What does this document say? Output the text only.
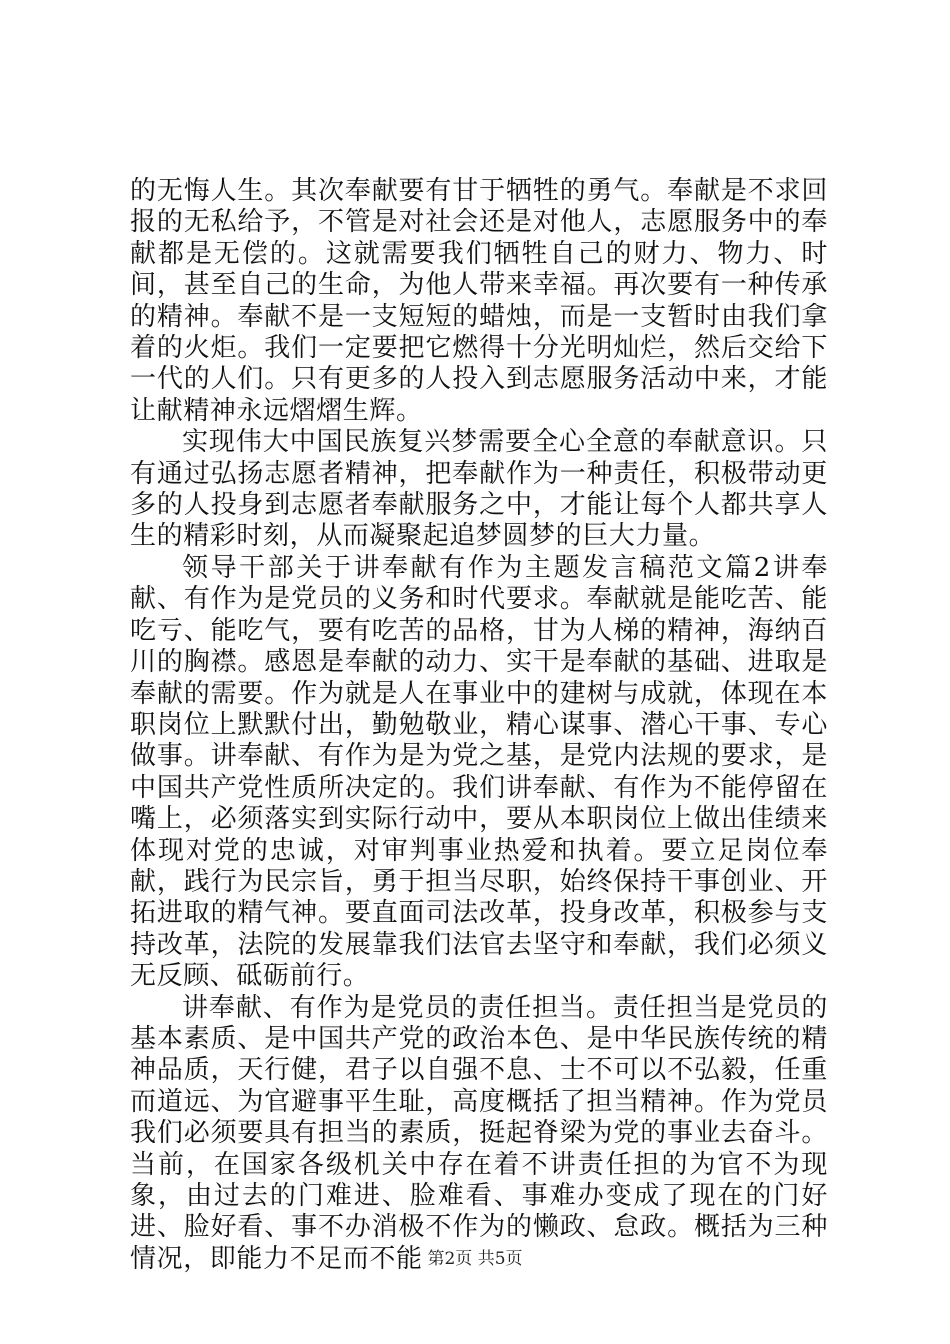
的无悔人生。其次奉献要有甘于牺牲的勇气。奉献是不求回报的无私给予，不管是对社会还是对他人，志愿服务中的奉献都是无偿的。这就需要我们牺牲自己的财力、物力、时间，甚至自己的生命，为他人带来幸福。再次要有一种传承的精神。奉献不是一支短短的蜡烛，而是一支暂时由我们拿着的火炬。我们一定要把它燃得十分光明灿烂，然后交给下一代的人们。只有更多的人投入到志愿服务活动中来，才能让献精神永远熠熠生辉。

实现伟大中国民族复兴梦需要全心全意的奉献意识。只有通过弘扬志愿者精神，把奉献作为一种责任，积极带动更多的人投身到志愿者奉献服务之中，才能让每个人都共享人生的精彩时刻，从而凝聚起追梦圆梦的巨大力量。

领导干部关于讲奉献有作为主题发言稿范文篇2讲奉献、有作为是党员的义务和时代要求。奉献就是能吃苦、能吃亏、能吃气，要有吃苦的品格，甘为人梯的精神，海纳百川的胸襟。感恩是奉献的动力、实干是奉献的基础、进取是奉献的需要。作为就是人在事业中的建树与成就，体现在本职岗位上默默付出，勤勉敬业，精心谋事、潜心干事、专心做事。讲奉献、有作为是为党之基，是党内法规的要求，是中国共产党性质所决定的。我们讲奉献、有作为不能停留在嘴上，必须落实到实际行动中，要从本职岗位上做出佳绩来体现对党的忠诚，对审判事业热爱和执着。要立足岗位奉献，践行为民宗旨，勇于担当尽职，始终保持干事创业、开拓进取的精气神。要直面司法改革，投身改革，积极参与支持改革，法院的发展靠我们法官去坚守和奉献，我们必须义无反顾、砥砺前行。

讲奉献、有作为是党员的责任担当。责任担当是党员的基本素质、是中国共产党的政治本色、是中华民族传统的精神品质，天行健，君子以自强不息、士不可以不弘毅，任重而道远、为官避事平生耻，高度概括了担当精神。作为党员我们必须要具有担当的素质，挺起脊梁为党的事业去奋斗。当前，在国家各级机关中存在着不讲责任担的为官不为现象，由过去的门难进、脸难看、事难办变成了现在的门好进、脸好看、事不办消极不作为的懒政、怠政。概括为三种情况，即能力不足而不能 第2页 共5页
